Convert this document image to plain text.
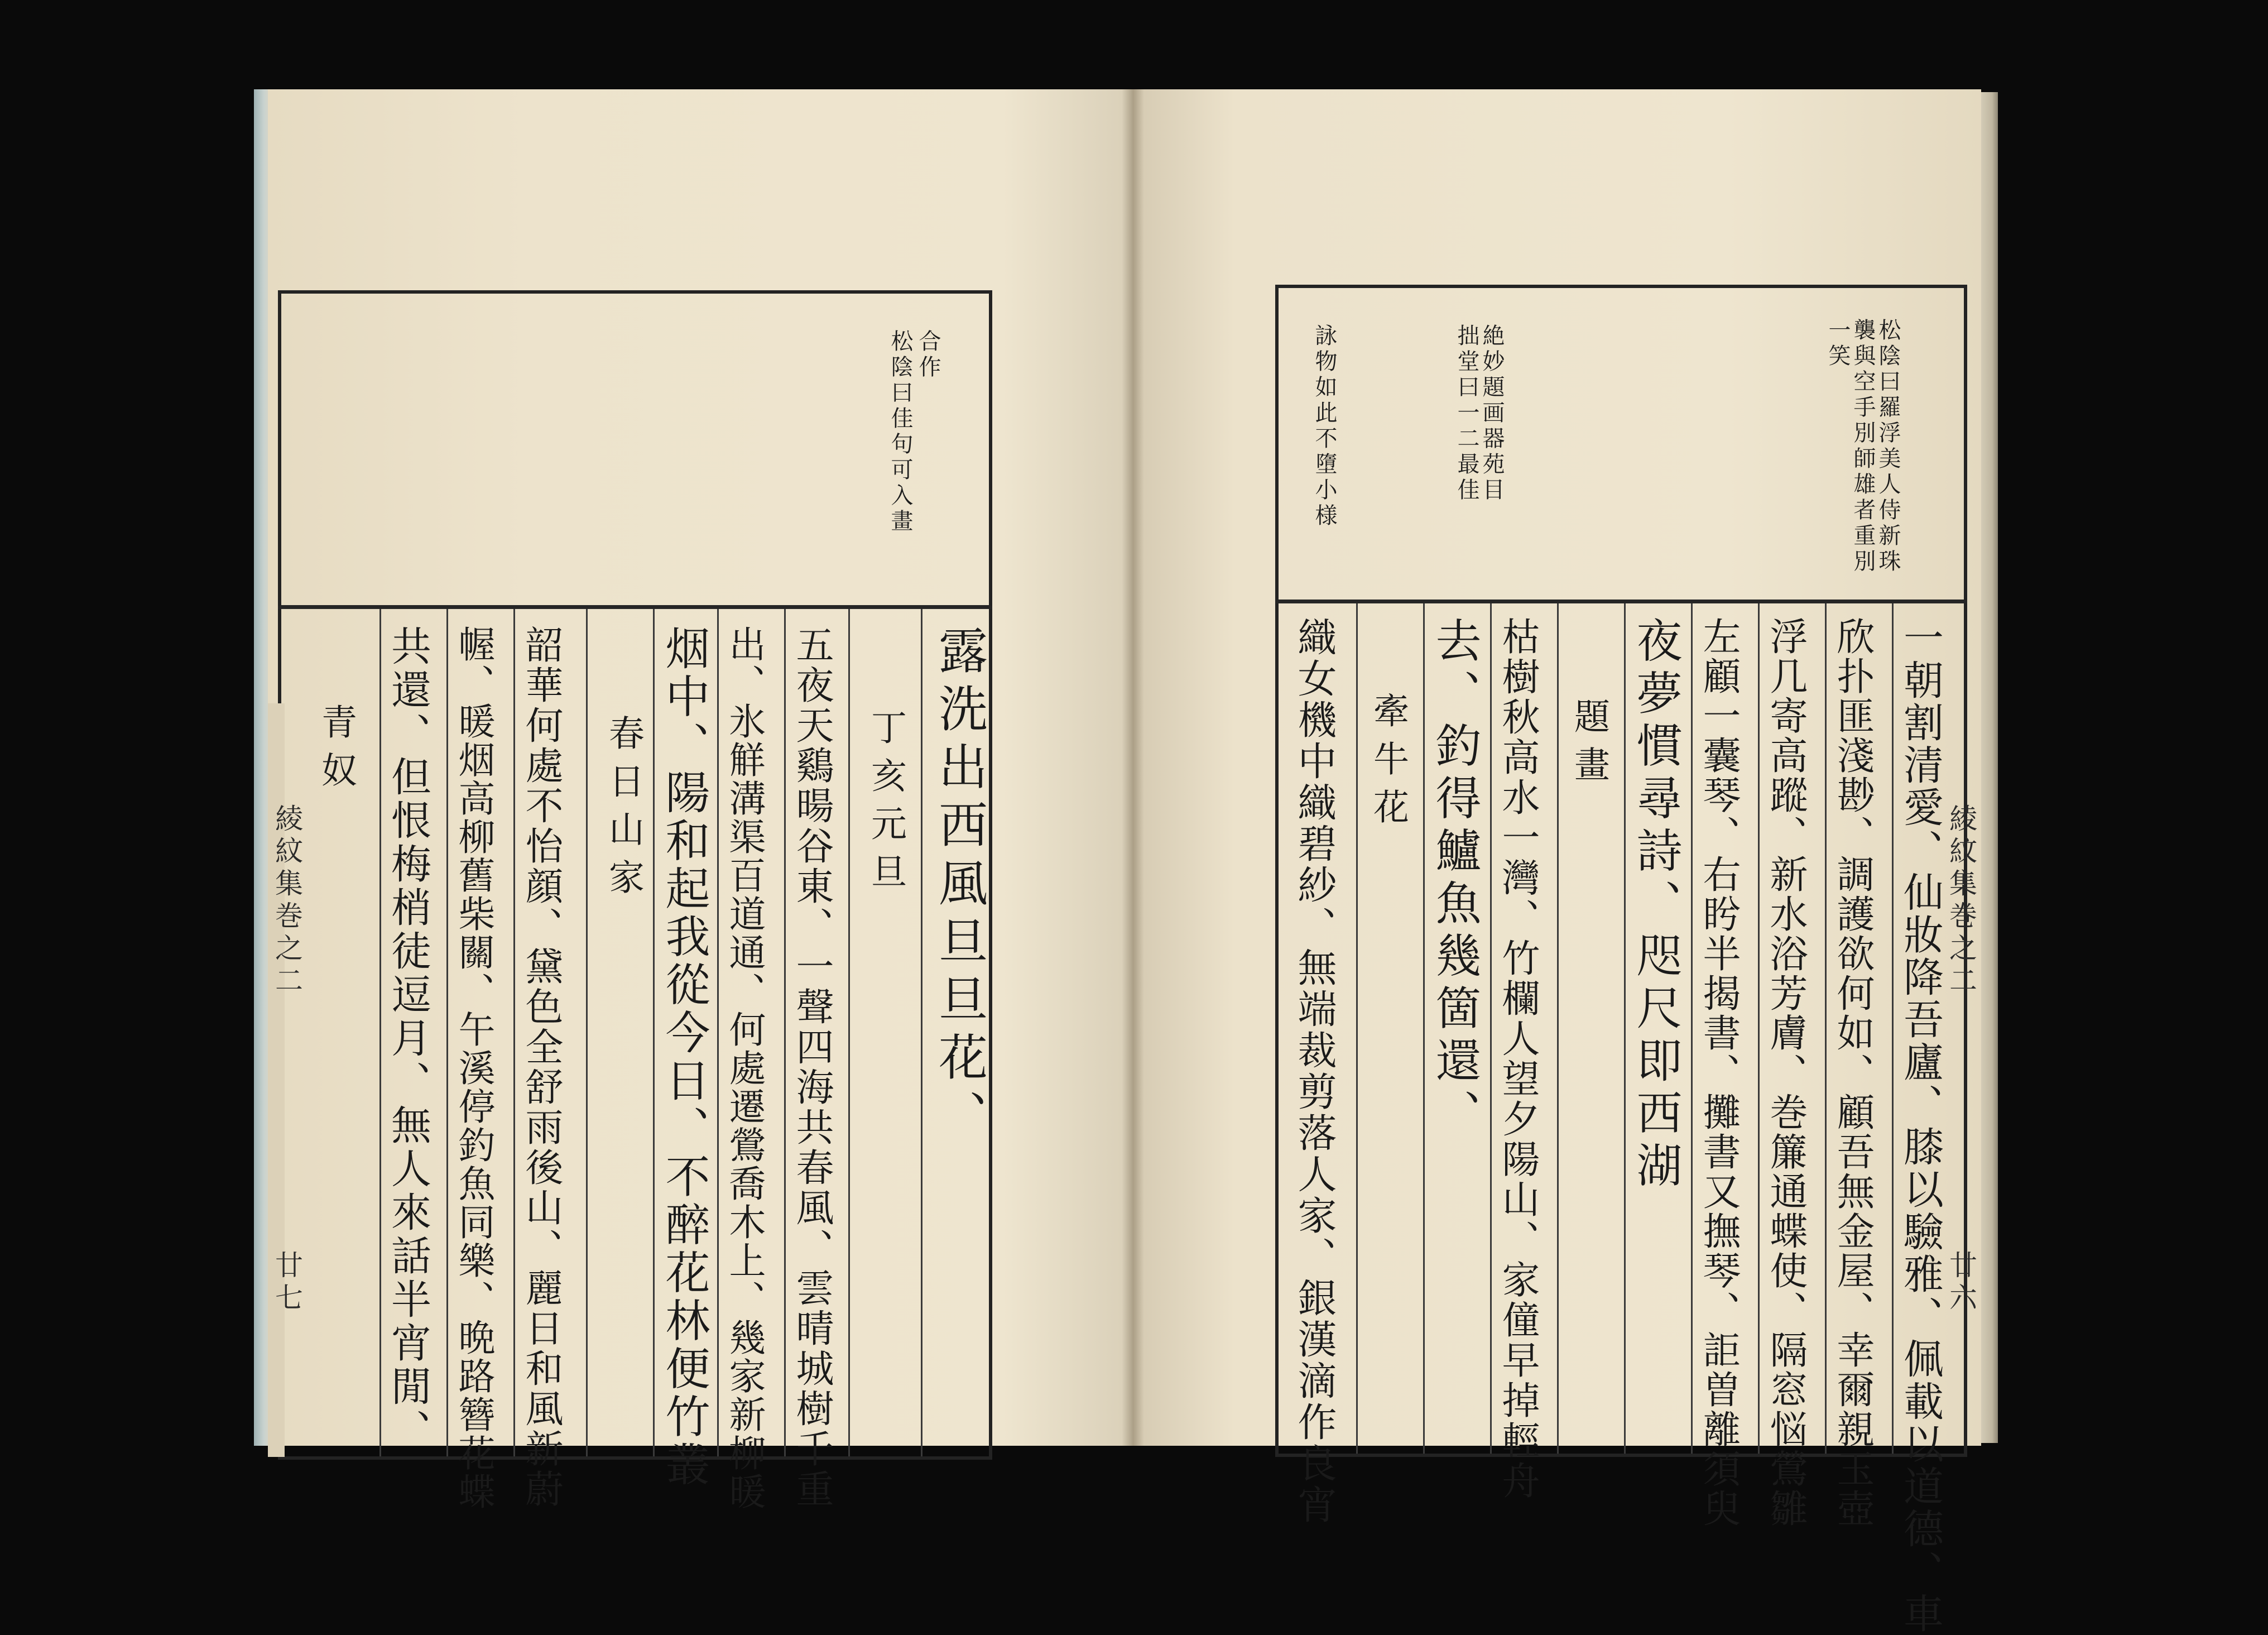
合作
松陰曰佳句可入畫
露洗出西風旦旦花、
丁亥元旦
五夜天鷄暘谷東、一聲四海共春風、雲晴城樹千重
出、氷觧溝渠百道通、何處遷鶯喬木上、幾家新柳暖
烟中、陽和起我從今日、不醉花林便竹叢
春日山家
韶華何處不怡顔、黛色全舒雨後山、麗日和風新蔚
幄、暖烟高柳舊柴關、午溪停釣魚同樂、晩路簪花蝶
共還、但恨梅梢徒逗月、無人來話半宵閒、
青奴
綾紋集巻之二
廿七
松陰曰羅浮美人侍新珠
襲與空手別師雄者重別
一笑
絶妙題画器苑目
拙堂曰一二最佳
詠物如此不墮小様
一朝割清愛、仙妝降吾廬、膝以驗雅、佩載以道德、車
欣扑匪淺尠、調護欲何如、顧吾無金屋、幸爾親玉壺
浮几寄高蹤、新水浴芳膚、巻簾通蝶使、隔窓悩鶯雛
左顧一囊琴、右盻半揭書、攤書又撫琴、詎曽離須臾
夜夢慣尋詩、咫尺即西湖
題畫
枯樹秋高水一灣、竹欄人望夕陽山、家僮早掉輕舟
去、釣得鱸魚幾箇還、
牽牛花
織女機中織碧紗、無端裁剪落人家、銀漢滴作良宵	綾紋集巻之二
廿六
